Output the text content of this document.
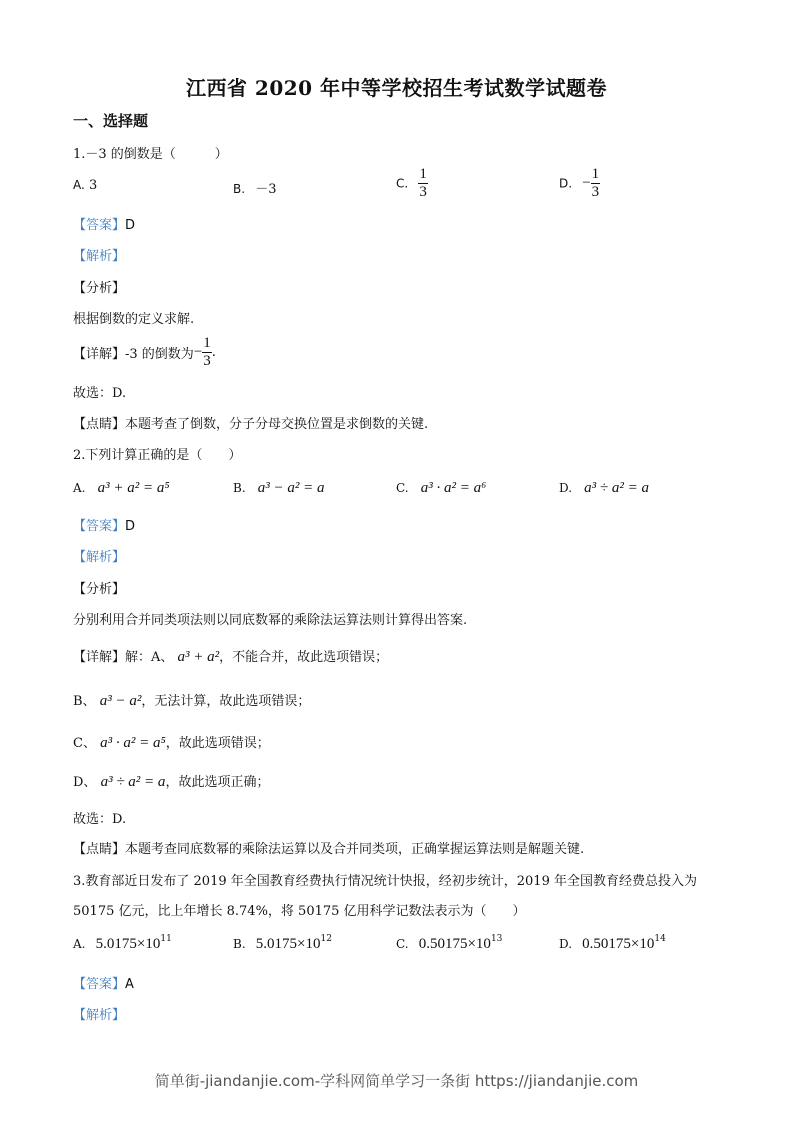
江西省 2020 年中等学校招生考试数学试题卷
一、选择题
1.－3 的倒数是（　　　）
A. 3	B. －3	C. $\frac{1}{3}$	D. − $\frac{1}{3}$
【答案】D
【解析】
【分析】
根据倒数的定义求解.
【详解】-3 的倒数为− $\frac{1}{3}$ .
故选：D.
【点睛】本题考查了倒数，分子分母交换位置是求倒数的关键.
2.下列计算正确的是（　　）
A. a³ + a² = a⁵	B. a³ − a² = a	C. a³ · a² = a⁶	D. a³ ÷ a² = a
【答案】D
【解析】
【分析】
分别利用合并同类项法则以同底数幂的乘除法运算法则计算得出答案.
【详解】解：A、 a³ + a²，不能合并，故此选项错误；
B、 a³ − a²，无法计算，故此选项错误；
C、 a³ · a² = a⁵，故此选项错误；
D、 a³ ÷ a² = a，故此选项正确；
故选：D.
【点睛】本题考查同底数幂的乘除法运算以及合并同类项，正确掌握运算法则是解题关键.
3.教育部近日发布了 2019 年全国教育经费执行情况统计快报，经初步统计，2019 年全国教育经费总投入为
50175 亿元，比上年增长 8.74%，将 50175 亿用科学记数法表示为（　　）
A. $5.0175\times 10^{11}$	B. $5.0175\times 10^{12}$	C. $0.50175\times 10^{13}$	D. $0.50175\times 10^{14}$
【答案】A
【解析】
简单街-jiandanjie.com-学科网简单学习一条街 https://jiandanjie.com
